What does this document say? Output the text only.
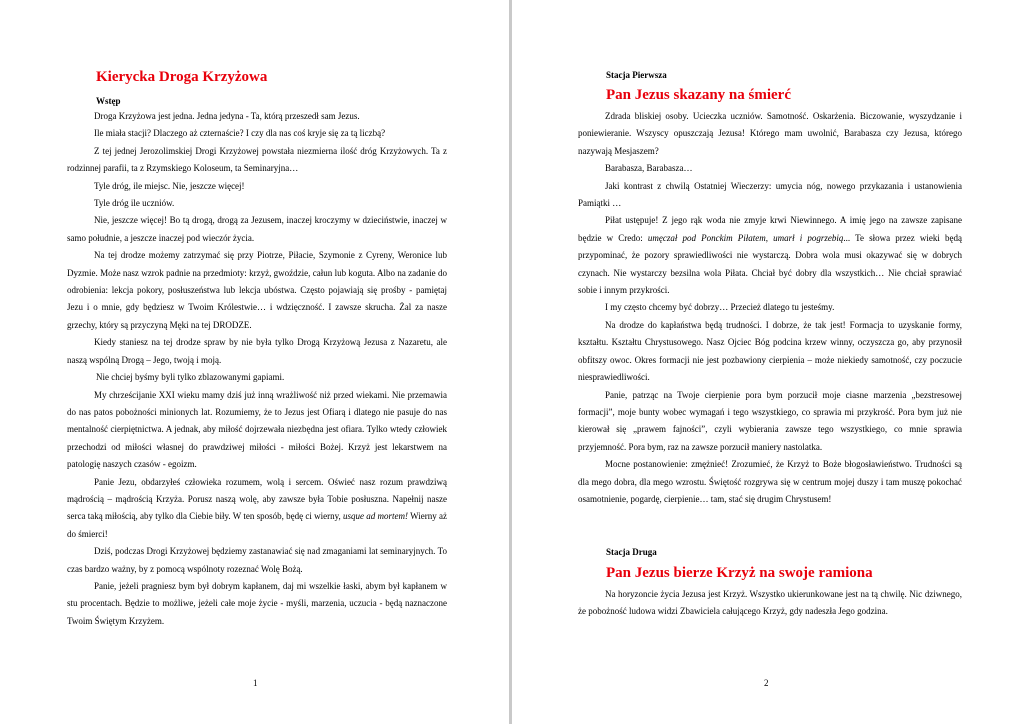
Kierycka Droga Krzyżowa
Wstęp

Droga Krzyżowa jest jedna. Jedna jedyna - Ta, którą przeszedł sam Jezus.

Ile miała stacji? Dlaczego aż czternaście? I czy dla nas coś kryje się za tą liczbą?

Z tej jednej Jerozolimskiej Drogi Krzyżowej powstała niezmierna ilość dróg Krzyżowych. Ta z rodzinnej parafii, ta z Rzymskiego Koloseum, ta Seminaryjna…

Tyle dróg, ile miejsc. Nie, jeszcze więcej!

Tyle dróg ile uczniów.

Nie, jeszcze więcej! Bo tą drogą, drogą za Jezusem, inaczej kroczymy w dzieciństwie, inaczej w samo południe, a jeszcze inaczej pod wieczór życia.

Na tej drodze możemy zatrzymać się przy Piotrze, Piłacie, Szymonie z Cyreny, Weronice lub Dyzmie. Może nasz wzrok padnie na przedmioty: krzyż, gwoździe, całun lub koguta. Albo na zadanie do odrobienia: lekcja pokory, posłuszeństwa lub lekcja ubóstwa. Często pojawiają się prośby - pamiętaj Jezu i o mnie, gdy będziesz w Twoim Królestwie… i wdzięczność. I zawsze skrucha. Żal za nasze grzechy, który są przyczyną Męki na tej DRODZE.

Kiedy staniesz na tej drodze spraw by nie była tylko Drogą Krzyżową Jezusa z Nazaretu, ale naszą wspólną Drogą – Jego, twoją i moją.

Nie chciej byśmy byli tylko zblazowanymi gapiami.

My chrześcijanie XXI wieku mamy dziś już inną wrażliwość niż przed wiekami. Nie przemawia do nas patos pobożności minionych lat. Rozumiemy, że to Jezus jest Ofiarą i dlatego nie pasuje do nas mentalność cierpiętnictwa. A jednak, aby miłość dojrzewała niezbędna jest ofiara. Tylko wtedy człowiek przechodzi od miłości własnej do prawdziwej miłości - miłości Bożej. Krzyż jest lekarstwem na patologię naszych czasów - egoizm.

Panie Jezu, obdarzyłeś człowieka rozumem, wolą i sercem. Oświeć nasz rozum prawdziwą mądrością – mądrością Krzyża. Porusz naszą wolę, aby zawsze była Tobie posłuszna. Napełnij nasze serca taką miłością, aby tylko dla Ciebie biły. W ten sposób, będę ci wierny, usque ad mortem! Wierny aż do śmierci!

Dziś, podczas Drogi Krzyżowej będziemy zastanawiać się nad zmaganiami lat seminaryjnych. To czas bardzo ważny, by z pomocą wspólnoty rozeznać Wolę Bożą.

Panie, jeżeli pragniesz bym był dobrym kapłanem, daj mi wszelkie łaski, abym był kapłanem w stu procentach. Będzie to możliwe, jeżeli całe moje życie - myśli, marzenia, uczucia - będą naznaczone Twoim Świętym Krzyżem.

1
Stacja Pierwsza
Pan Jezus skazany na śmierć

Zdrada bliskiej osoby. Ucieczka uczniów. Samotność. Oskarżenia. Biczowanie, wyszydzanie i poniewieranie. Wszyscy opuszczają Jezusa! Którego mam uwolnić, Barabasza czy Jezusa, którego nazywają Mesjaszem?

Barabasza, Barabasza…

Jaki kontrast z chwilą Ostatniej Wieczerzy: umycia nóg, nowego przykazania i ustanowienia Pamiątki …

Piłat ustępuje! Z jego rąk woda nie zmyje krwi Niewinnego. A imię jego na zawsze zapisane będzie w Credo: umęczał pod Ponckim Piłatem, umarł i pogrzebią... Te słowa przez wieki będą przypominać, że pozory sprawiedliwości nie wystarczą. Dobra wola musi okazywać się w dobrych czynach. Nie wystarczy bezsilna wola Piłata. Chciał być dobry dla wszystkich… Nie chciał sprawiać sobie i innym przykrości.

I my często chcemy być dobrzy… Przecież dlatego tu jesteśmy.

Na drodze do kapłaństwa będą trudności. I dobrze, że tak jest! Formacja to uzyskanie formy, kształtu. Kształtu Chrystusowego. Nasz Ojciec Bóg podcina krzew winny, oczyszcza go, aby przynosił obfitszy owoc. Okres formacji nie jest pozbawiony cierpienia – może niekiedy samotność, czy poczucie niesprawiedliwości.

Panie, patrząc na Twoje cierpienie pora bym porzucił moje ciasne marzenia „bezstresowej formacji”, moje bunty wobec wymagań i tego wszystkiego, co sprawia mi przykrość. Pora bym już nie kierował się „prawem fajności”, czyli wybierania zawsze tego wszystkiego, co mnie sprawia przyjemność. Pora bym, raz na zawsze porzucił maniery nastolatka.

Mocne postanowienie: zmężnieć! Zrozumieć, że Krzyż to Boże błogosławieństwo. Trudności są dla mego dobra, dla mego wzrostu. Świętość rozgrywa się w centrum mojej duszy i tam muszę pokochać osamotnienie, pogardę, cierpienie… tam, stać się drugim Chrystusem!

Stacja Druga
Pan Jezus bierze Krzyż na swoje ramiona

Na horyzoncie życia Jezusa jest Krzyż. Wszystko ukierunkowane jest na tą chwilę. Nic dziwnego, że pobożność ludowa widzi Zbawiciela całującego Krzyż, gdy nadeszła Jego godzina.

2
